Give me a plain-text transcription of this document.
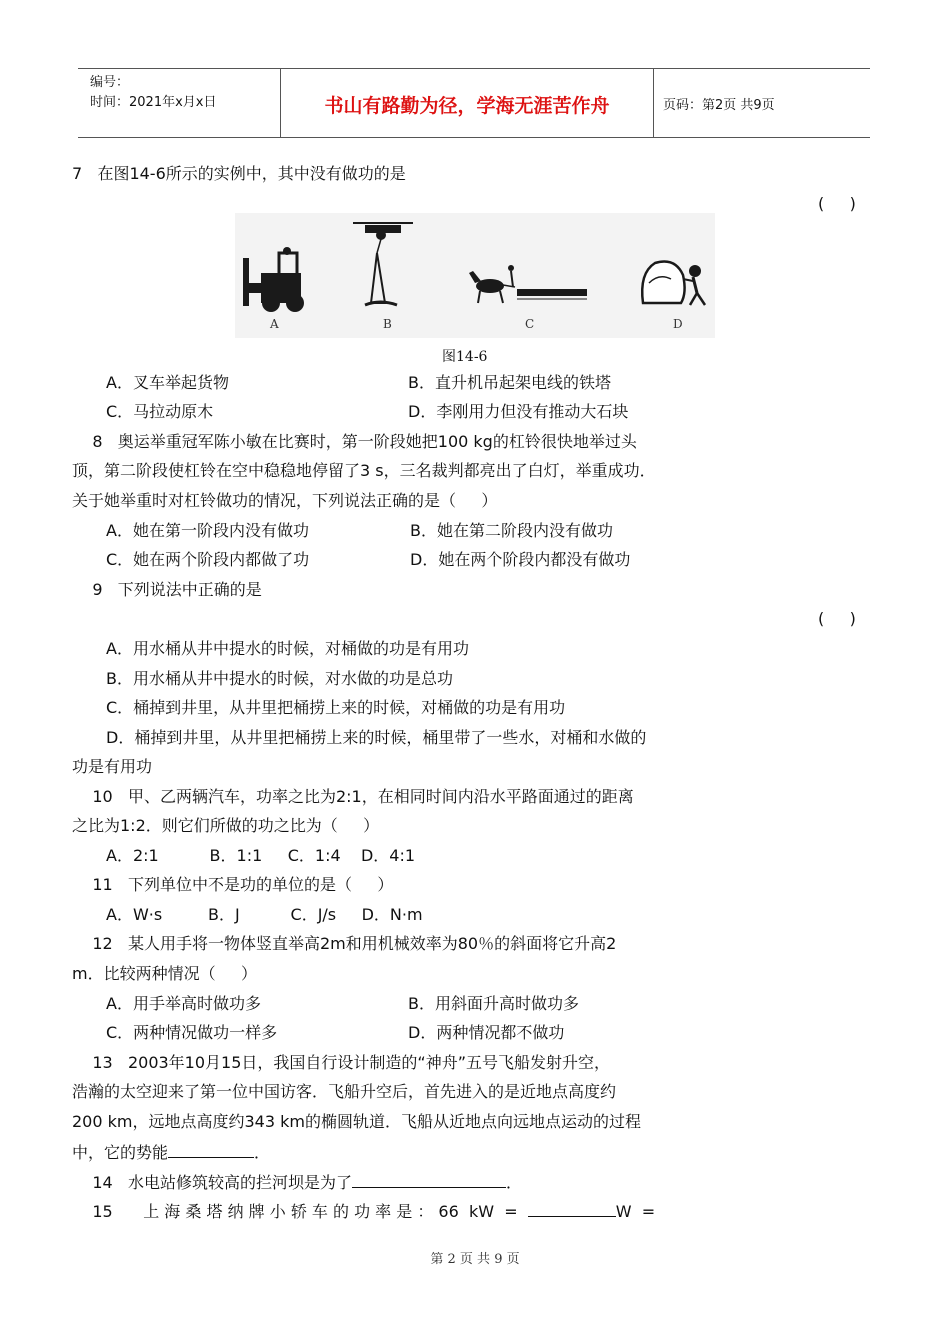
编号：
时间：2021年x月x日	书山有路勤为径，学海无涯苦作舟	页码：第2页 共9页
7   在图14-6所示的实例中，其中没有做功的是
(     )
A	B	C	D
图14-6
A．叉车举起货物	B．直升机吊起架电线的铁塔
C．马拉动原木	D．李刚用力但没有推动大石块
8   奥运举重冠军陈小敏在比赛时，第一阶段她把100 kg的杠铃很快地举过头
顶，第二阶段使杠铃在空中稳稳地停留了3 s，三名裁判都亮出了白灯，举重成功．
关于她举重时对杠铃做功的情况，下列说法正确的是（     ）
A．她在第一阶段内没有做功	B．她在第二阶段内没有做功
C．她在两个阶段内都做了功	D．她在两个阶段内都没有做功
9   下列说法中正确的是
(     )
A．用水桶从井中提水的时候，对桶做的功是有用功
B．用水桶从井中提水的时候，对水做的功是总功
C．桶掉到井里，从井里把桶捞上来的时候，对桶做的功是有用功
D．桶掉到井里，从井里把桶捞上来的时候，桶里带了一些水，对桶和水做的
功是有用功
10   甲、乙两辆汽车，功率之比为2:1，在相同时间内沿水平路面通过的距离
之比为1:2．则它们所做的功之比为（     ）
A．2:1          B．1:1     C．1:4    D．4:1
11   下列单位中不是功的单位的是（     ）
A．W·s         B．J          C．J/s     D．N·m
12   某人用手将一物体竖直举高2m和用机械效率为80％的斜面将它升高2
m．比较两种情况（     ）
A．用手举高时做功多	B．用斜面升高时做功多
C．两种情况做功一样多	D．两种情况都不做功
13   2003年10月15日，我国自行设计制造的“神舟”五号飞船发射升空，
浩瀚的太空迎来了第一位中国访客．飞船升空后，首先进入的是近地点高度约
200 km，远地点高度约343 km的椭圆轨道．飞船从近地点向远地点运动的过程
中，它的势能	．
14   水电站修筑较高的拦河坝是为了	．
15      上 海 桑 塔 纳 牌 小 轿 车 的 功 率 是 ： 66  kW  =	W  =
第 2 页 共 9 页
